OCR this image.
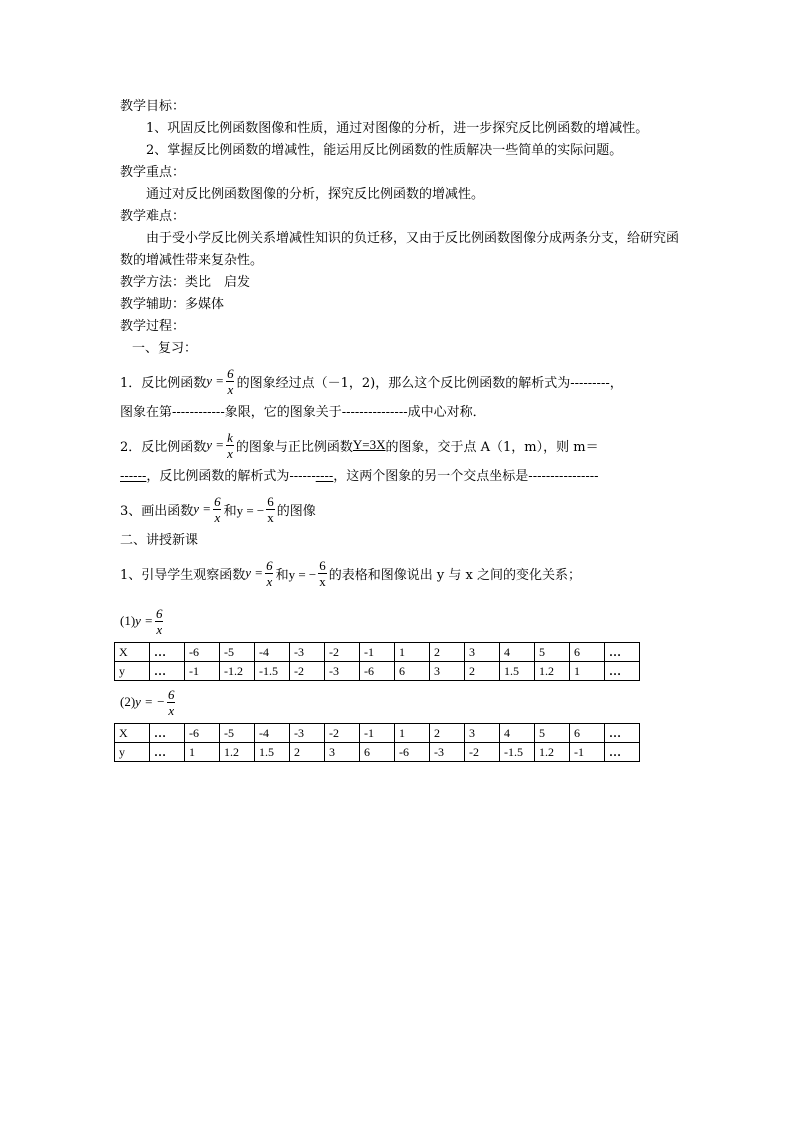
教学目标：
1、巩固反比例函数图像和性质，通过对图像的分析，进一步探究反比例函数的增减性。
2、掌握反比例函数的增减性，能运用反比例函数的性质解决一些简单的实际问题。
教学重点：
通过对反比例函数图像的分析，探究反比例函数的增减性。
教学难点：
由于受小学反比例关系增减性知识的负迁移，又由于反比例函数图像分成两条分支，给研究函数的增减性带来复杂性。
教学方法：类比　启发
教学辅助：多媒体
教学过程：
一、复习：
1．反比例函数 $y = \frac{6}{x}$ 的图象经过点（－1，2)，那么这个反比例函数的解析式为---------，
图象在第------------象限，它的图象关于---------------成中心对称．
2．反比例函数 $y = \frac{k}{x}$ 的图象与正比例函数 Y=3X 的图象，交于点 A（1，m），则 m＝
------，反比例函数的解析式为----------，这两个图象的另一个交点坐标是----------------
3、画出函数 $y = \frac{6}{x}$ 和y = − $\frac{6}{x}$ 的图像
二、讲授新课
1、引导学生观察函数 $y = \frac{6}{x}$ 和y = − $\frac{6}{x}$ 的表格和图像说出 y 与 x 之间的变化关系；
(1) $y = \frac{6}{x}$
X	…	-6	-5	-4	-3	-2	-1	1	2	3	4	5	6	…
y	…	-1	-1.2	-1.5	-2	-3	-6	6	3	2	1.5	1.2	1	…
(2) y = − $\frac{6}{x}$
X	…	-6	-5	-4	-3	-2	-1	1	2	3	4	5	6	…
y	…	1	1.2	1.5	2	3	6	-6	-3	-2	-1.5	1.2	-1	…
